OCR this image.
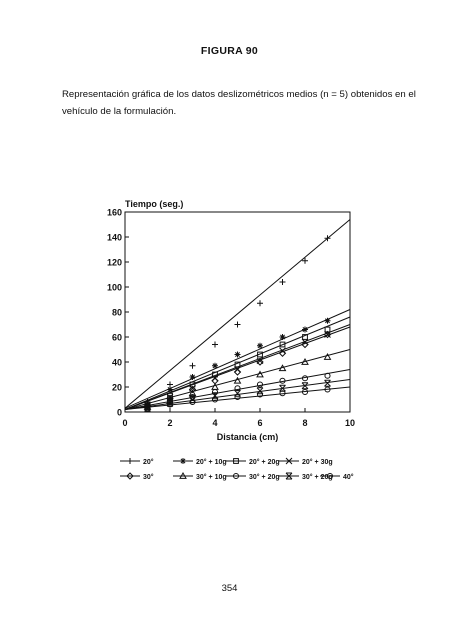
FIGURA 90
Representación gráfica de los datos deslizométricos medios (n = 5) obtenidos en el vehículo de la formulación.
0
20
40
60
80
100
120
140
160
0	2	4	6	8	10
Tiempo (seg.)
Distancia (cm)
20°	20° + 10g	20° + 20g	20° + 30g
30°	30° + 10g	30° + 20g	30° + 20g 40°
354
